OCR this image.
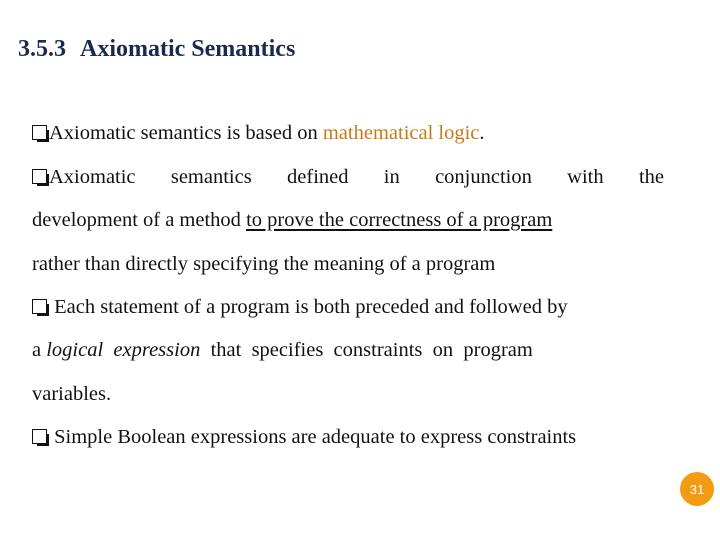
3.5.3 Axiomatic Semantics
Axiomatic semantics is based on mathematical logic.
Axiomatic semantics defined in conjunction with the
development of a method to prove the correctness of a program
rather than directly specifying the meaning of a program
Each statement of a program is both preceded and followed by
a logical  expression  that  specifies  constraints  on  program
variables.
Simple Boolean expressions are adequate to express constraints
31
